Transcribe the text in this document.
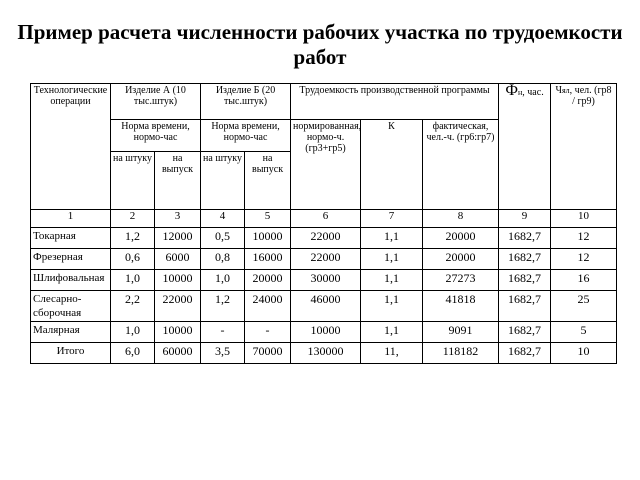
Пример расчета численности рабочих участка по трудоемкости работ
Технологические операции	Изделие А (10 тыс.штук)		Изделие Б (20 тыс.штук)		Трудоемкость производственной программы			Фн, час.	Чял, чел. (гр8 / гр9)
	Норма времени, нормо-час		Норма времени, нормо-час		нормированная, нормо-ч. (гр3+гр5)	К	фактическая, чел.-ч. (гр6:гр7)		
	на штуку	на выпуск	на штуку	на выпуск					
1	2	3	4	5	6	7	8	9	10
Токарная	1,2	12000	0,5	10000	22000	1,1	20000	1682,7	12
Фрезерная	0,6	6000	0,8	16000	22000	1,1	20000	1682,7	12
Шлифовальная	1,0	10000	1,0	20000	30000	1,1	27273	1682,7	16
Слесарно-сборочная	2,2	22000	1,2	24000	46000	1,1	41818	1682,7	25
Малярная	1,0	10000	-	-	10000	1,1	9091	1682,7	5
Итого	6,0	60000	3,5	70000	130000	11,	118182	1682,7	10
